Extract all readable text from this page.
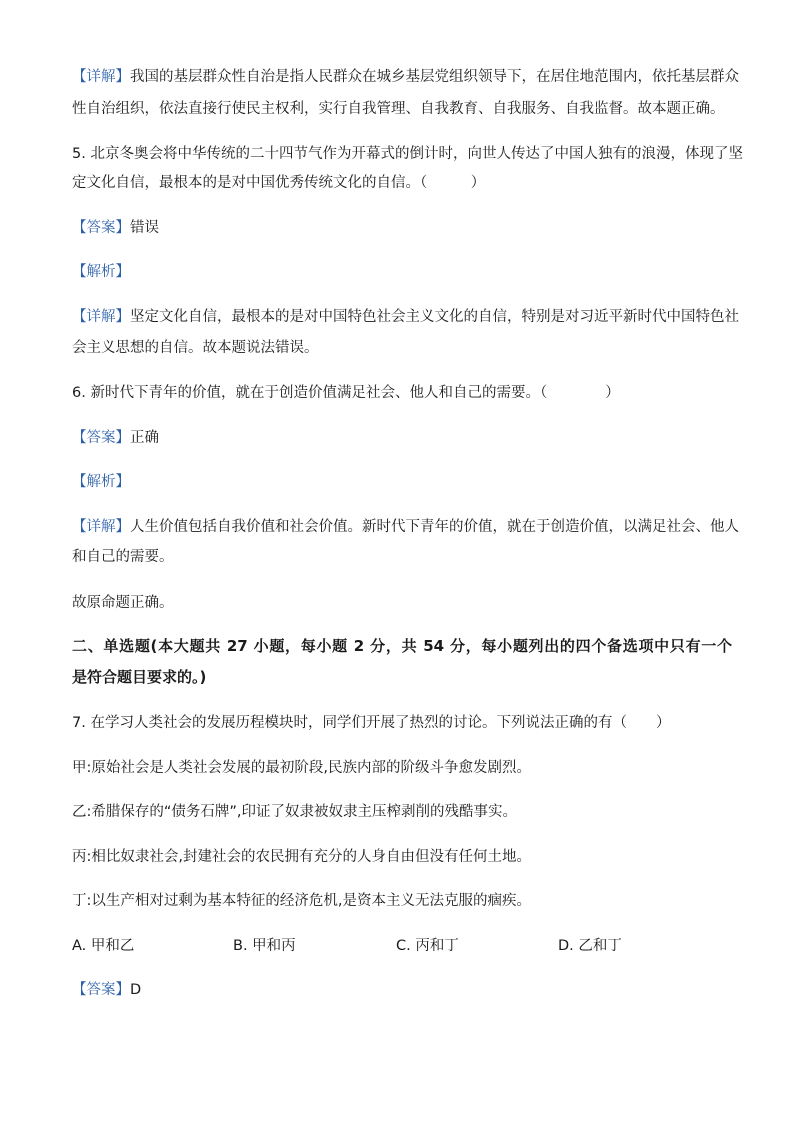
【详解】我国的基层群众性自治是指人民群众在城乡基层党组织领导下，在居住地范围内，依托基层群众
性自治组织，依法直接行使民主权利，实行自我管理、自我教育、自我服务、自我监督。故本题正确。
5. 北京冬奥会将中华传统的二十四节气作为开幕式的倒计时，向世人传达了中国人独有的浪漫，体现了坚
定文化自信，最根本的是对中国优秀传统文化的自信。（　　　）
【答案】错误
【解析】
【详解】坚定文化自信，最根本的是对中国特色社会主义文化的自信，特别是对习近平新时代中国特色社
会主义思想的自信。故本题说法错误。
6. 新时代下青年的价值，就在于创造价值满足社会、他人和自己的需要。（　　　　）
【答案】正确
【解析】
【详解】人生价值包括自我价值和社会价值。新时代下青年的价值，就在于创造价值，以满足社会、他人
和自己的需要。
故原命题正确。
二、单选题(本大题共 27 小题，每小题 2 分，共 54 分，每小题列出的四个备选项中只有一个
是符合题目要求的。)
7. 在学习人类社会的发展历程模块时，同学们开展了热烈的讨论。下列说法正确的有（　　）
甲:原始社会是人类社会发展的最初阶段,民族内部的阶级斗争愈发剧烈。
乙:希腊保存的“债务石牌”,印证了奴隶被奴隶主压榨剥削的残酷事实。
丙:相比奴隶社会,封建社会的农民拥有充分的人身自由但没有任何土地。
丁:以生产相对过剩为基本特征的经济危机,是资本主义无法克服的痼疾。
A. 甲和乙	B. 甲和丙	C. 丙和丁	D. 乙和丁
【答案】D
